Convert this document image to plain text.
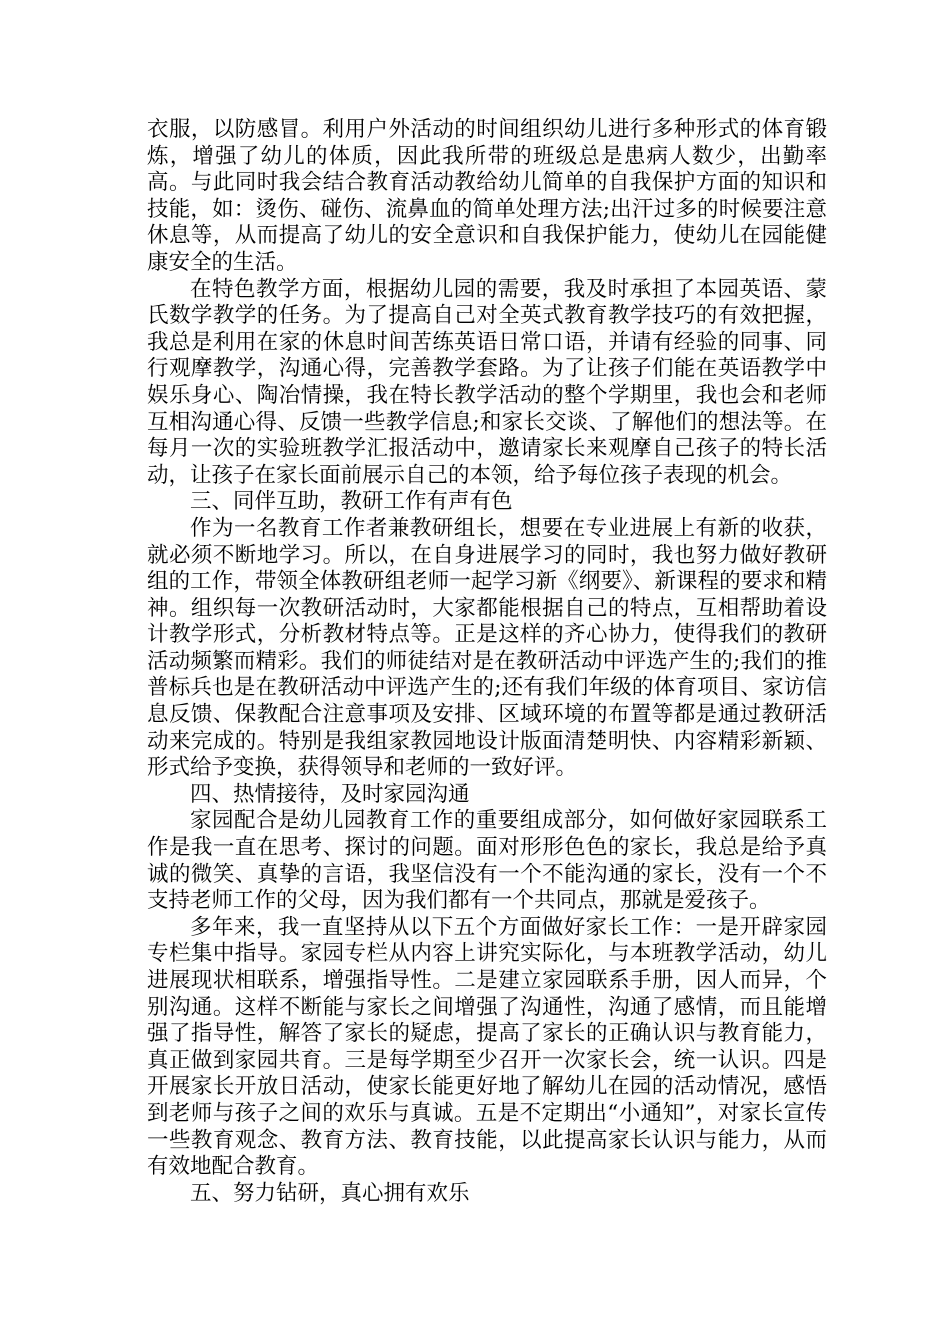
衣服，以防感冒。利用户外活动的时间组织幼儿进行多种形式的体育锻炼，增强了幼儿的体质，因此我所带的班级总是患病人数少，出勤率高。与此同时我会结合教育活动教给幼儿简单的自我保护方面的知识和技能，如：烫伤、碰伤、流鼻血的简单处理方法;出汗过多的时候要注意休息等，从而提高了幼儿的安全意识和自我保护能力，使幼儿在园能健康安全的生活。

在特色教学方面，根据幼儿园的需要，我及时承担了本园英语、蒙氏数学教学的任务。为了提高自己对全英式教育教学技巧的有效把握，我总是利用在家的休息时间苦练英语日常口语，并请有经验的同事、同行观摩教学，沟通心得，完善教学套路。为了让孩子们能在英语教学中娱乐身心、陶冶情操，我在特长教学活动的整个学期里，我也会和老师互相沟通心得、反馈一些教学信息;和家长交谈、了解他们的想法等。在每月一次的实验班教学汇报活动中，邀请家长来观摩自己孩子的特长活动，让孩子在家长面前展示自己的本领，给予每位孩子表现的机会。

三、同伴互助，教研工作有声有色

作为一名教育工作者兼教研组长，想要在专业进展上有新的收获，就必须不断地学习。所以，在自身进展学习的同时，我也努力做好教研组的工作，带领全体教研组老师一起学习新《纲要》、新课程的要求和精神。组织每一次教研活动时，大家都能根据自己的特点，互相帮助着设计教学形式，分析教材特点等。正是这样的齐心协力，使得我们的教研活动频繁而精彩。我们的师徒结对是在教研活动中评选产生的;我们的推普标兵也是在教研活动中评选产生的;还有我们年级的体育项目、家访信息反馈、保教配合注意事项及安排、区域环境的布置等都是通过教研活动来完成的。特别是我组家教园地设计版面清楚明快、内容精彩新颖、形式给予变换，获得领导和老师的一致好评。

四、热情接待，及时家园沟通

家园配合是幼儿园教育工作的重要组成部分，如何做好家园联系工作是我一直在思考、探讨的问题。面对形形色色的家长，我总是给予真诚的微笑、真挚的言语，我坚信没有一个不能沟通的家长，没有一个不支持老师工作的父母，因为我们都有一个共同点，那就是爱孩子。

多年来，我一直坚持从以下五个方面做好家长工作：一是开辟家园专栏集中指导。家园专栏从内容上讲究实际化，与本班教学活动，幼儿进展现状相联系，增强指导性。二是建立家园联系手册，因人而异，个别沟通。这样不断能与家长之间增强了沟通性，沟通了感情，而且能增强了指导性，解答了家长的疑虑，提高了家长的正确认识与教育能力，真正做到家园共育。三是每学期至少召开一次家长会，统一认识。四是开展家长开放日活动，使家长能更好地了解幼儿在园的活动情况，感悟到老师与孩子之间的欢乐与真诚。五是不定期出“小通知”，对家长宣传一些教育观念、教育方法、教育技能，以此提高家长认识与能力，从而有效地配合教育。

五、努力钻研，真心拥有欢乐
